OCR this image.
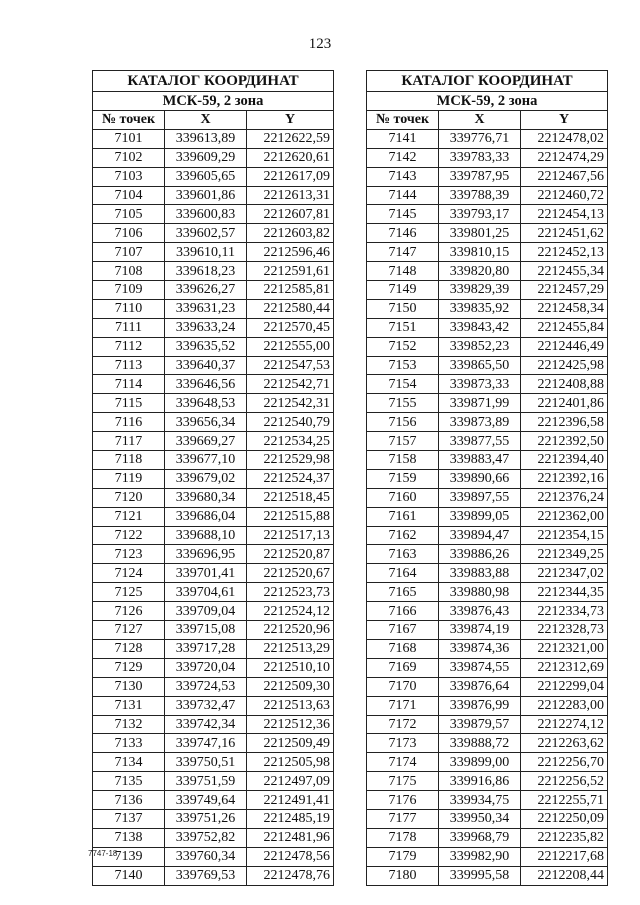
123
КАТАЛОГ КООРДИНАТ		
МСК-59, 2 зона		
№ точек	X	Y
7101	339613,89	2212622,59
7102	339609,29	2212620,61
7103	339605,65	2212617,09
7104	339601,86	2212613,31
7105	339600,83	2212607,81
7106	339602,57	2212603,82
7107	339610,11	2212596,46
7108	339618,23	2212591,61
7109	339626,27	2212585,81
7110	339631,23	2212580,44
7111	339633,24	2212570,45
7112	339635,52	2212555,00
7113	339640,37	2212547,53
7114	339646,56	2212542,71
7115	339648,53	2212542,31
7116	339656,34	2212540,79
7117	339669,27	2212534,25
7118	339677,10	2212529,98
7119	339679,02	2212524,37
7120	339680,34	2212518,45
7121	339686,04	2212515,88
7122	339688,10	2212517,13
7123	339696,95	2212520,87
7124	339701,41	2212520,67
7125	339704,61	2212523,73
7126	339709,04	2212524,12
7127	339715,08	2212520,96
7128	339717,28	2212513,29
7129	339720,04	2212510,10
7130	339724,53	2212509,30
7131	339732,47	2212513,63
7132	339742,34	2212512,36
7133	339747,16	2212509,49
7134	339750,51	2212505,98
7135	339751,59	2212497,09
7136	339749,64	2212491,41
7137	339751,26	2212485,19
7138	339752,82	2212481,96
7139	339760,34	2212478,56
7140	339769,53	2212478,76
КАТАЛОГ КООРДИНАТ		
МСК-59, 2 зона		
№ точек	X	Y
7141	339776,71	2212478,02
7142	339783,33	2212474,29
7143	339787,95	2212467,56
7144	339788,39	2212460,72
7145	339793,17	2212454,13
7146	339801,25	2212451,62
7147	339810,15	2212452,13
7148	339820,80	2212455,34
7149	339829,39	2212457,29
7150	339835,92	2212458,34
7151	339843,42	2212455,84
7152	339852,23	2212446,49
7153	339865,50	2212425,98
7154	339873,33	2212408,88
7155	339871,99	2212401,86
7156	339873,89	2212396,58
7157	339877,55	2212392,50
7158	339883,47	2212394,40
7159	339890,66	2212392,16
7160	339897,55	2212376,24
7161	339899,05	2212362,00
7162	339894,47	2212354,15
7163	339886,26	2212349,25
7164	339883,88	2212347,02
7165	339880,98	2212344,35
7166	339876,43	2212334,73
7167	339874,19	2212328,73
7168	339874,36	2212321,00
7169	339874,55	2212312,69
7170	339876,64	2212299,04
7171	339876,99	2212283,00
7172	339879,57	2212274,12
7173	339888,72	2212263,62
7174	339899,00	2212256,70
7175	339916,86	2212256,52
7176	339934,75	2212255,71
7177	339950,34	2212250,09
7178	339968,79	2212235,82
7179	339982,90	2212217,68
7180	339995,58	2212208,44
7747-18
